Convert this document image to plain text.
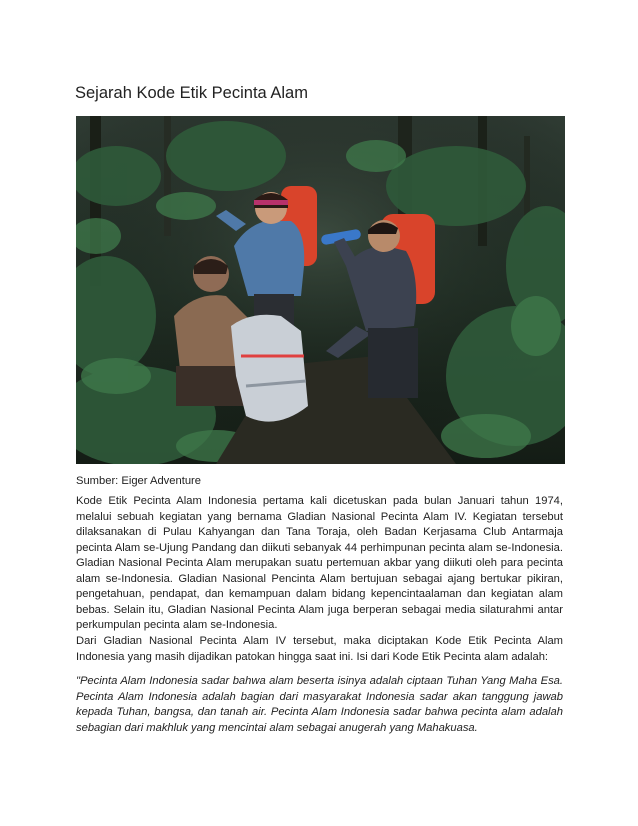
Sejarah Kode Etik Pecinta Alam

Sumber: Eiger Adventure

Kode Etik Pecinta Alam Indonesia pertama kali dicetuskan pada bulan Januari tahun 1974, melalui sebuah kegiatan yang bernama Gladian Nasional Pecinta Alam IV. Kegiatan tersebut dilaksanakan di Pulau Kahyangan dan Tana Toraja, oleh Badan Kerjasama Club Antarmaja pecinta Alam se-Ujung Pandang dan diikuti sebanyak 44 perhimpunan pecinta alam se-Indonesia. Gladian Nasional Pecinta Alam merupakan suatu pertemuan akbar yang diikuti oleh para pecinta alam se-Indonesia. Gladian Nasional Pencinta Alam bertujuan sebagai ajang bertukar pikiran, pengetahuan, pendapat, dan kemampuan dalam bidang kepencintaalaman dan kegiatan alam bebas. Selain itu, Gladian Nasional Pecinta Alam juga berperan sebagai media silaturahmi antar perkumpulan pecinta alam se-Indonesia.

Dari Gladian Nasional Pecinta Alam IV tersebut, maka diciptakan Kode Etik Pecinta Alam Indonesia yang masih dijadikan patokan hingga saat ini. Isi dari Kode Etik Pecinta alam adalah:

"Pecinta Alam Indonesia sadar bahwa alam beserta isinya adalah ciptaan Tuhan Yang Maha Esa. Pecinta Alam Indonesia adalah bagian dari masyarakat Indonesia sadar akan tanggung jawab kepada Tuhan, bangsa, dan tanah air. Pecinta Alam Indonesia sadar bahwa pecinta alam adalah sebagian dari makhluk yang mencintai alam sebagai anugerah yang Mahakuasa.
